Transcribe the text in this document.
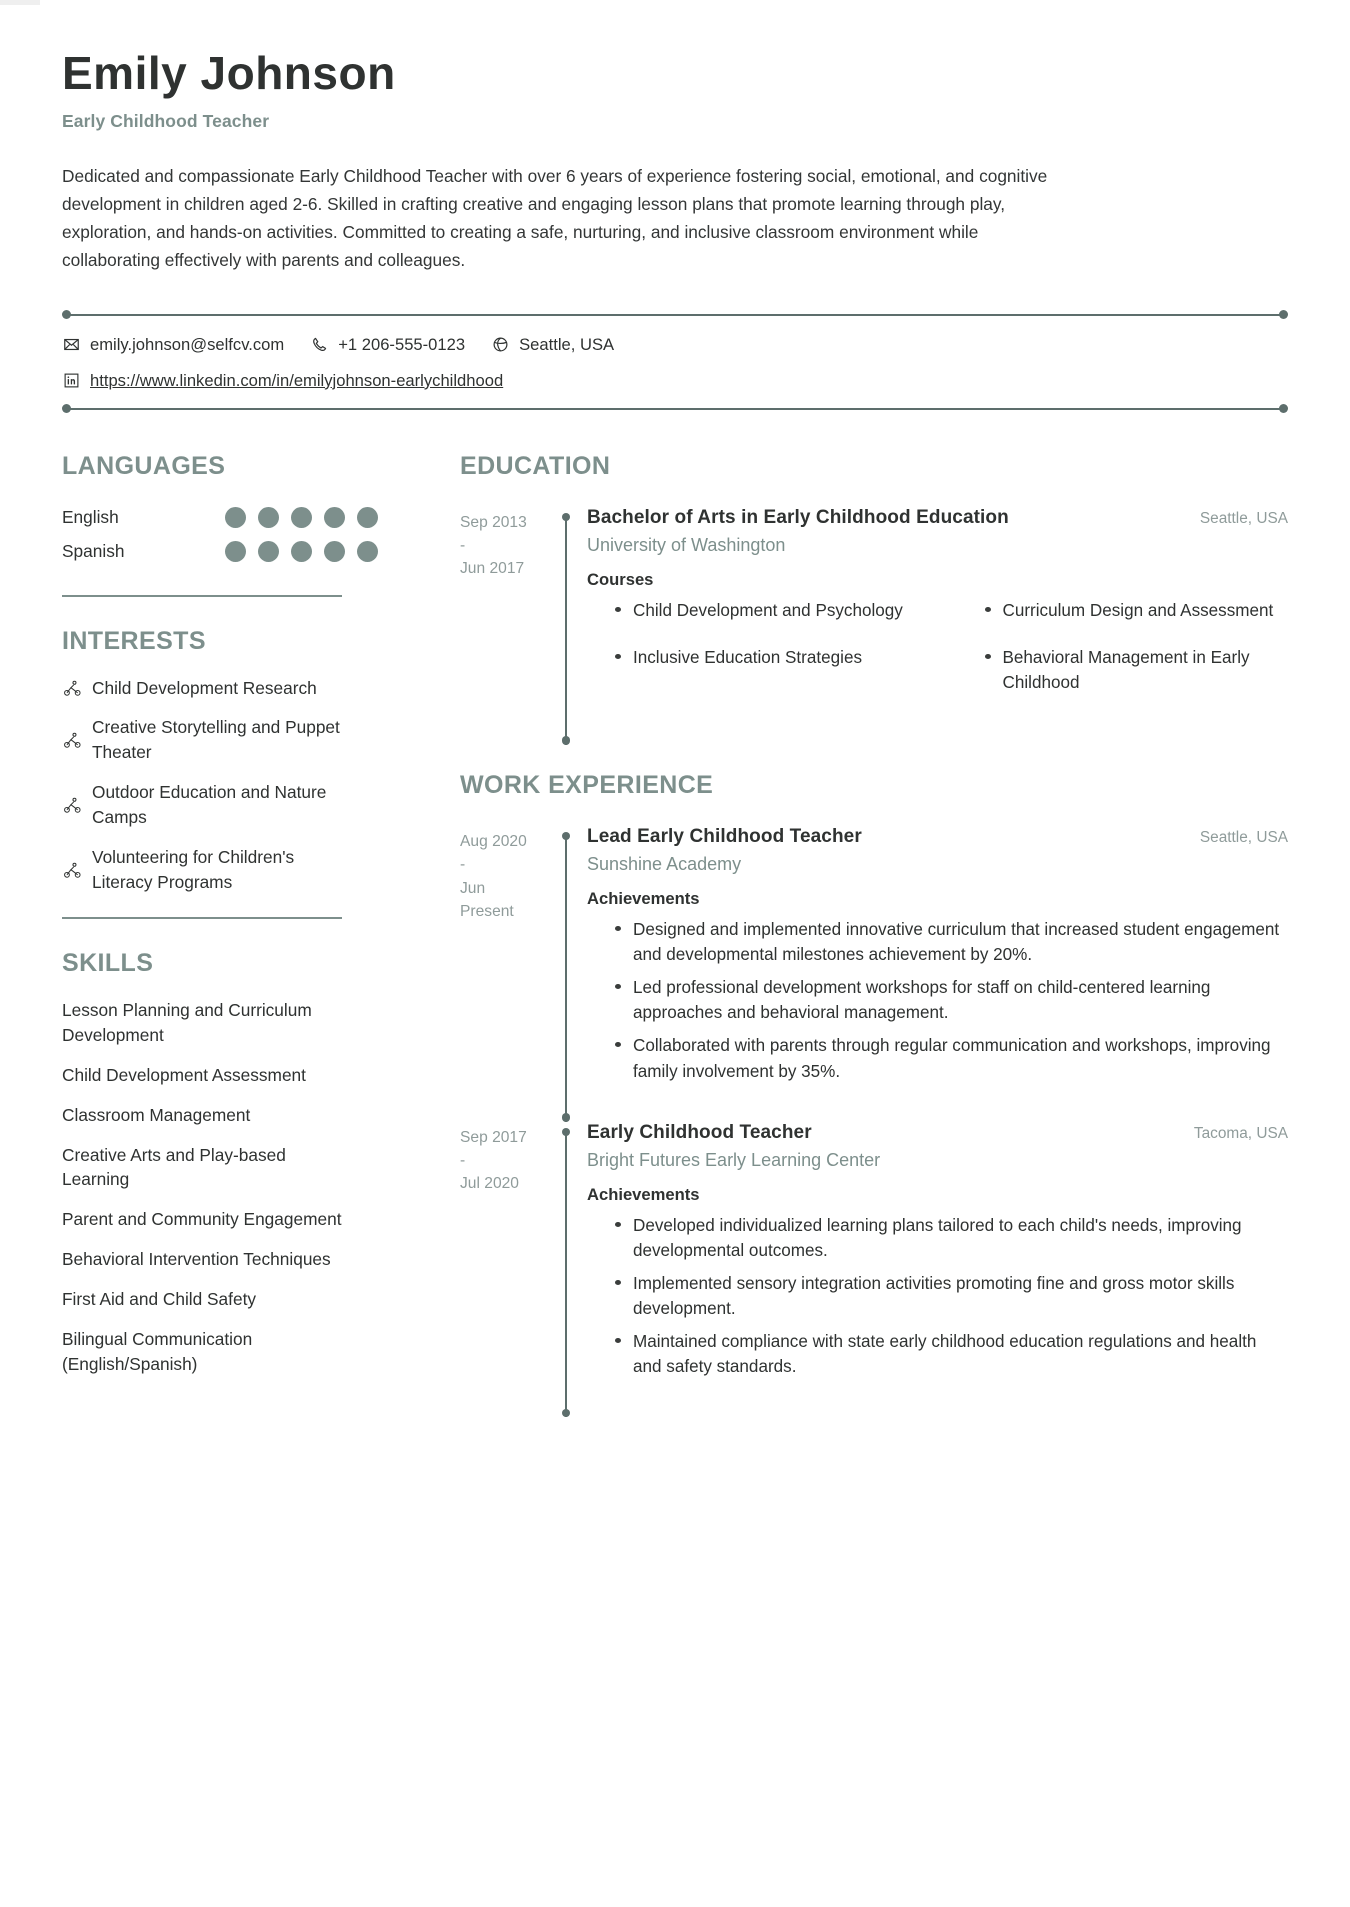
Emily Johnson
Early Childhood Teacher

Dedicated and compassionate Early Childhood Teacher with over 6 years of experience fostering social, emotional, and cognitive development in children aged 2-6. Skilled in crafting creative and engaging lesson plans that promote learning through play, exploration, and hands-on activities. Committed to creating a safe, nurturing, and inclusive classroom environment while collaborating effectively with parents and colleagues.

emily.johnson@selfcv.com	+1 206-555-0123	Seattle, USA
https://www.linkedin.com/in/emilyjohnson-earlychildhood
LANGUAGES
English
Spanish
INTERESTS
Child Development Research
Creative Storytelling and Puppet Theater
Outdoor Education and Nature Camps
Volunteering for Children's Literacy Programs
SKILLS
Lesson Planning and Curriculum Development
Child Development Assessment
Classroom Management
Creative Arts and Play-based Learning
Parent and Community Engagement
Behavioral Intervention Techniques
First Aid and Child Safety
Bilingual Communication (English/Spanish)
EDUCATION
Sep 2013
-
Jun 2017
Bachelor of Arts in Early Childhood Education	Seattle, USA
University of Washington
Courses
Child Development and Psychology	Curriculum Design and Assessment
Inclusive Education Strategies	Behavioral Management in Early Childhood
WORK EXPERIENCE
Aug 2020
-
Jun
Present
Lead Early Childhood Teacher	Seattle, USA
Sunshine Academy
Achievements
Designed and implemented innovative curriculum that increased student engagement and developmental milestones achievement by 20%.
Led professional development workshops for staff on child-centered learning approaches and behavioral management.
Collaborated with parents through regular communication and workshops, improving family involvement by 35%.
Sep 2017
-
Jul 2020
Early Childhood Teacher	Tacoma, USA
Bright Futures Early Learning Center
Achievements
Developed individualized learning plans tailored to each child's needs, improving developmental outcomes.
Implemented sensory integration activities promoting fine and gross motor skills development.
Maintained compliance with state early childhood education regulations and health and safety standards.
